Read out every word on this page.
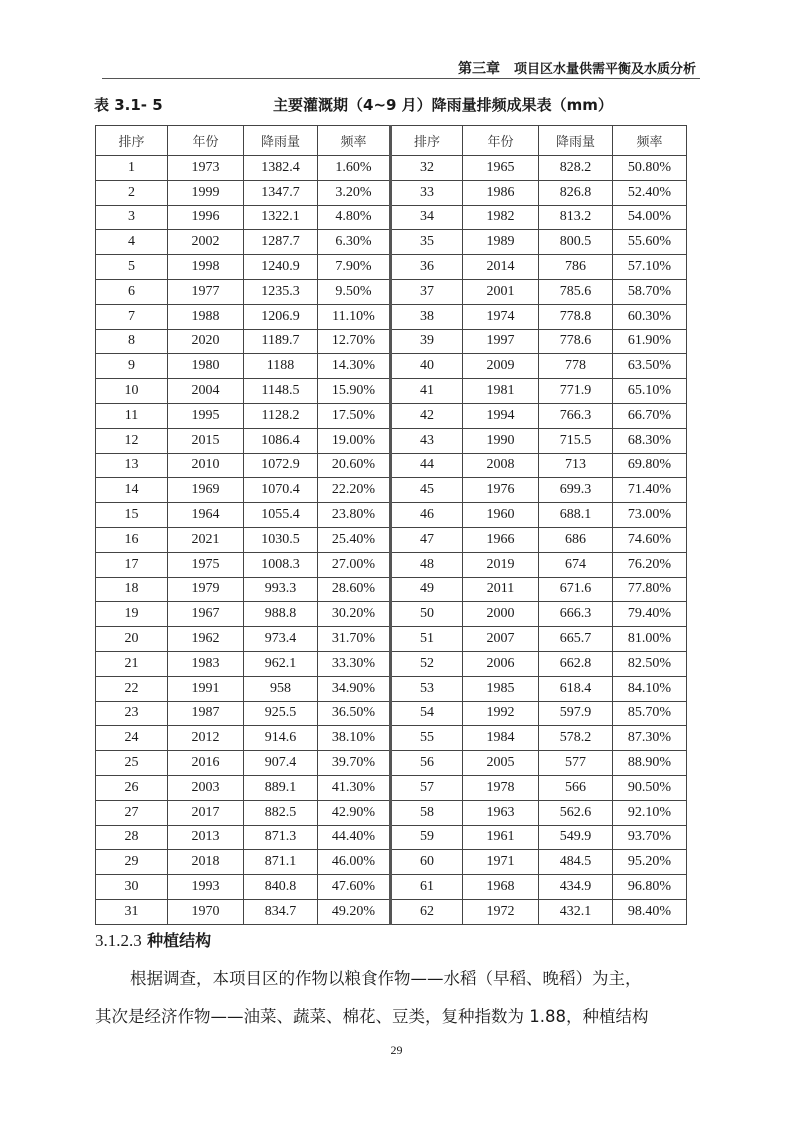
第三章 项目区水量供需平衡及水质分析
表 3.1- 5	主要灌溉期（4~9 月）降雨量排频成果表（mm）
排序	年份	降雨量	频率	排序	年份	降雨量	频率
1	1973	1382.4	1.60%	32	1965	828.2	50.80%
2	1999	1347.7	3.20%	33	1986	826.8	52.40%
3	1996	1322.1	4.80%	34	1982	813.2	54.00%
4	2002	1287.7	6.30%	35	1989	800.5	55.60%
5	1998	1240.9	7.90%	36	2014	786	57.10%
6	1977	1235.3	9.50%	37	2001	785.6	58.70%
7	1988	1206.9	11.10%	38	1974	778.8	60.30%
8	2020	1189.7	12.70%	39	1997	778.6	61.90%
9	1980	1188	14.30%	40	2009	778	63.50%
10	2004	1148.5	15.90%	41	1981	771.9	65.10%
11	1995	1128.2	17.50%	42	1994	766.3	66.70%
12	2015	1086.4	19.00%	43	1990	715.5	68.30%
13	2010	1072.9	20.60%	44	2008	713	69.80%
14	1969	1070.4	22.20%	45	1976	699.3	71.40%
15	1964	1055.4	23.80%	46	1960	688.1	73.00%
16	2021	1030.5	25.40%	47	1966	686	74.60%
17	1975	1008.3	27.00%	48	2019	674	76.20%
18	1979	993.3	28.60%	49	2011	671.6	77.80%
19	1967	988.8	30.20%	50	2000	666.3	79.40%
20	1962	973.4	31.70%	51	2007	665.7	81.00%
21	1983	962.1	33.30%	52	2006	662.8	82.50%
22	1991	958	34.90%	53	1985	618.4	84.10%
23	1987	925.5	36.50%	54	1992	597.9	85.70%
24	2012	914.6	38.10%	55	1984	578.2	87.30%
25	2016	907.4	39.70%	56	2005	577	88.90%
26	2003	889.1	41.30%	57	1978	566	90.50%
27	2017	882.5	42.90%	58	1963	562.6	92.10%
28	2013	871.3	44.40%	59	1961	549.9	93.70%
29	2018	871.1	46.00%	60	1971	484.5	95.20%
30	1993	840.8	47.60%	61	1968	434.9	96.80%
31	1970	834.7	49.20%	62	1972	432.1	98.40%
3.1.2.3 种植结构
根据调查，本项目区的作物以粮食作物——水稻（早稻、晚稻）为主，
其次是经济作物——油菜、蔬菜、棉花、豆类，复种指数为 1.88，种植结构
29
